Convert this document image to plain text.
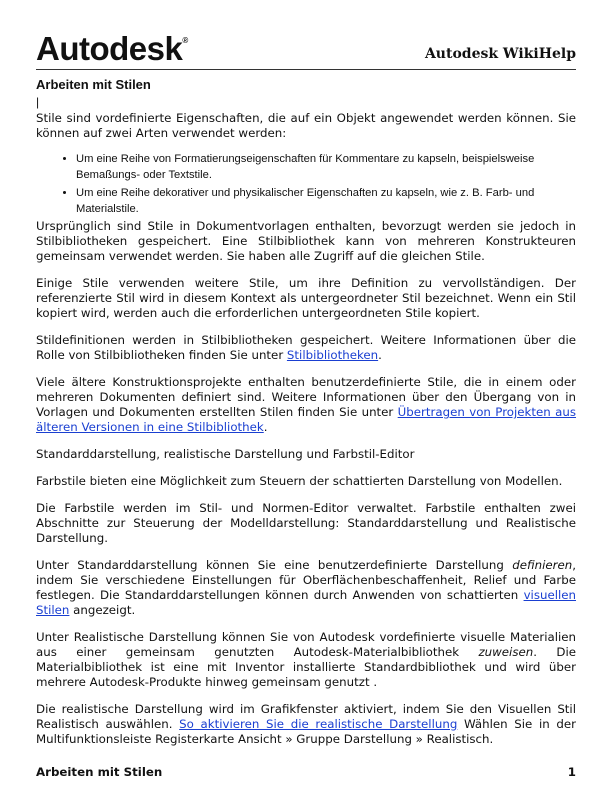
Autodesk®
Autodesk WikiHelp
Arbeiten mit Stilen
|

Stile sind vordefinierte Eigenschaften, die auf ein Objekt angewendet werden können. Sie können auf zwei Arten verwendet werden:

• Um eine Reihe von Formatierungseigenschaften für Kommentare zu kapseln, beispielsweise Bemaßungs- oder Textstile.
• Um eine Reihe dekorativer und physikalischer Eigenschaften zu kapseln, wie z. B. Farb- und Materialstile.

Ursprünglich sind Stile in Dokumentvorlagen enthalten, bevorzugt werden sie jedoch in Stilbibliotheken gespeichert. Eine Stilbibliothek kann von mehreren Konstrukteuren gemeinsam verwendet werden. Sie haben alle Zugriff auf die gleichen Stile.

Einige Stile verwenden weitere Stile, um ihre Definition zu vervollständigen. Der referenzierte Stil wird in diesem Kontext als untergeordneter Stil bezeichnet. Wenn ein Stil kopiert wird, werden auch die erforderlichen untergeordneten Stile kopiert.

Stildefinitionen werden in Stilbibliotheken gespeichert. Weitere Informationen über die Rolle von Stilbibliotheken finden Sie unter Stilbibliotheken.

Viele ältere Konstruktionsprojekte enthalten benutzerdefinierte Stile, die in einem oder mehreren Dokumenten definiert sind. Weitere Informationen über den Übergang von in Vorlagen und Dokumenten erstellten Stilen finden Sie unter Übertragen von Projekten aus älteren Versionen in eine Stilbibliothek.

Standarddarstellung, realistische Darstellung und Farbstil-Editor

Farbstile bieten eine Möglichkeit zum Steuern der schattierten Darstellung von Modellen.

Die Farbstile werden im Stil- und Normen-Editor verwaltet. Farbstile enthalten zwei Abschnitte zur Steuerung der Modelldarstellung: Standarddarstellung und Realistische Darstellung.

Unter Standarddarstellung können Sie eine benutzerdefinierte Darstellung definieren, indem Sie verschiedene Einstellungen für Oberflächenbeschaffenheit, Relief und Farbe festlegen. Die Standarddarstellungen können durch Anwenden von schattierten visuellen Stilen angezeigt.

Unter Realistische Darstellung können Sie von Autodesk vordefinierte visuelle Materialien aus einer gemeinsam genutzten Autodesk-Materialbibliothek zuweisen. Die Materialbibliothek ist eine mit Inventor installierte Standardbibliothek und wird über mehrere Autodesk-Produkte hinweg gemeinsam genutzt .

Die realistische Darstellung wird im Grafikfenster aktiviert, indem Sie den Visuellen Stil Realistisch auswählen. So aktivieren Sie die realistische Darstellung Wählen Sie in der Multifunktionsleiste Registerkarte Ansicht » Gruppe Darstellung » Realistisch.

Arbeiten mit Stilen	1
